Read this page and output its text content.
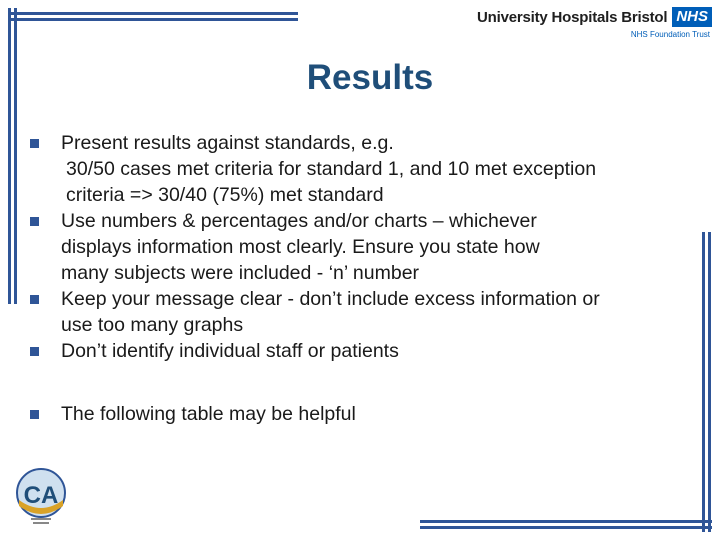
University Hospitals Bristol NHS
NHS Foundation Trust
Results
Present results against standards, e.g.
30/50 cases met criteria for standard 1, and 10 met exception
criteria => 30/40 (75%) met standard
Use numbers & percentages and/or charts – whichever
displays information most clearly. Ensure you state how
many subjects were included - ‘n’ number
Keep your message clear - don’t include excess information or
use too many graphs
Don’t identify individual staff or patients
The following table may be helpful
CA
